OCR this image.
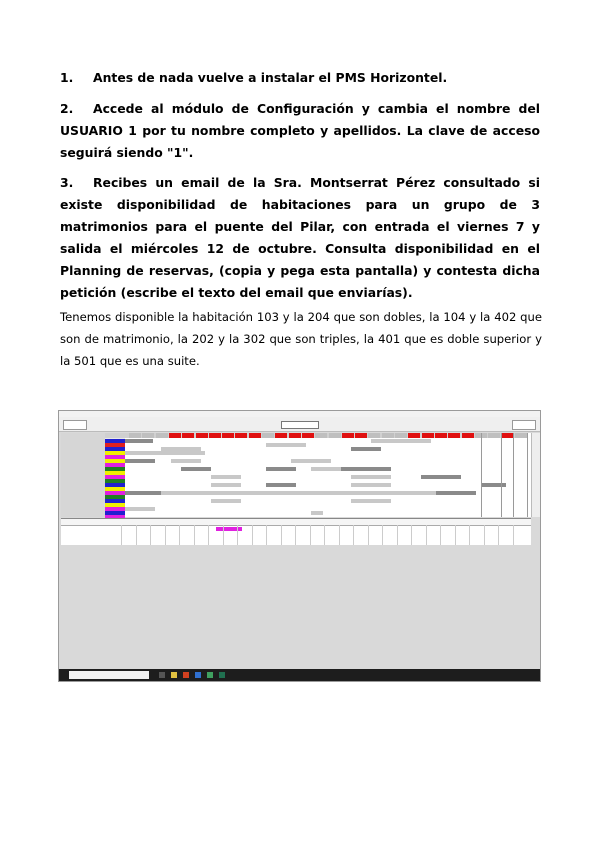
1. Antes de nada vuelve a instalar el PMS Horizontel.
2. Accede al módulo de Configuración y cambia el nombre del USUARIO 1 por tu nombre completo y apellidos. La clave de acceso seguirá siendo "1".
3. Recibes un email de la Sra. Montserrat Pérez consultado si existe disponibilidad de habitaciones para un grupo de 3 matrimonios para el puente del Pilar, con entrada el viernes 7 y salida el miércoles 12 de octubre. Consulta disponibilidad en el Planning de reservas, (copia y pega esta pantalla) y contesta dicha petición (escribe el texto del email que enviarías).
Tenemos disponible la habitación 103 y la 204 que son dobles, la 104 y la 402 que son de matrimonio, la 202 y la 302 que son triples, la 401 que es doble superior y la 501 que es una suite.
